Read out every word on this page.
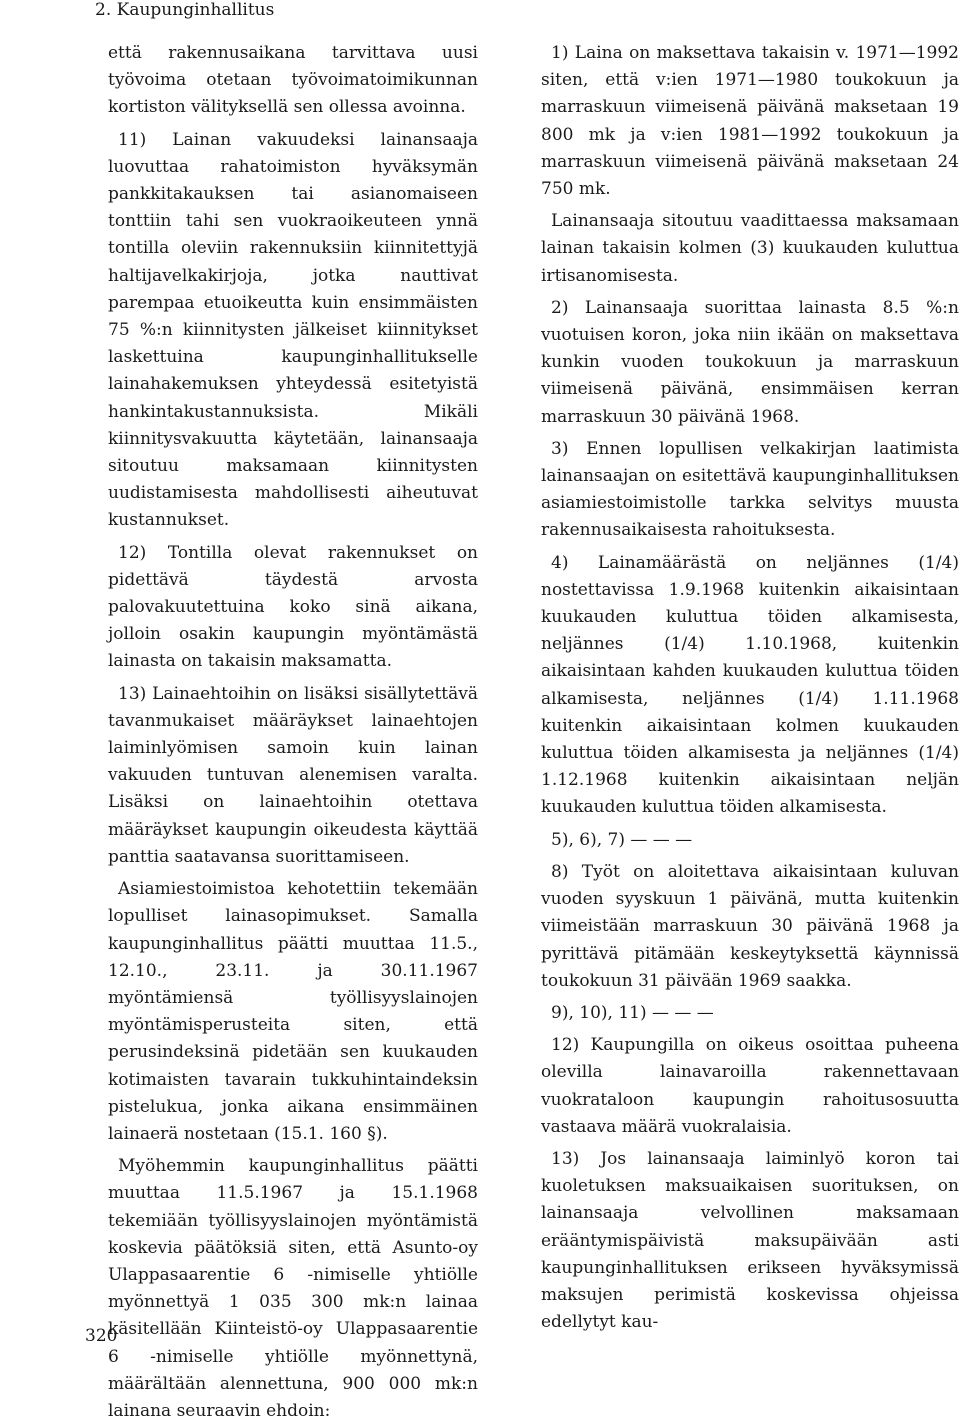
2. Kaupunginhallitus

että rakennusaikana tarvittava uusi työvoima otetaan työvoimatoimikunnan kortiston välityksellä sen ollessa avoinna.

11) Lainan vakuudeksi lainansaaja luovuttaa rahatoimiston hyväksymän pankkitakauksen tai asianomaiseen tonttiin tahi sen vuokraoikeuteen ynnä tontilla oleviin rakennuksiin kiinnitettyjä haltijavelkakirjoja, jotka nauttivat parempaa etuoikeutta kuin ensimmäisten 75 %:n kiinnitysten jälkeiset kiinnitykset laskettuina kaupunginhallitukselle lainahakemuksen yhteydessä esitetyistä hankintakustannuksista. Mikäli kiinnitysvakuutta käytetään, lainansaaja sitoutuu maksamaan kiinnitysten uudistamisesta mahdollisesti aiheutuvat kustannukset.

12) Tontilla olevat rakennukset on pidettävä täydestä arvosta palovakuutettuina koko sinä aikana, jolloin osakin kaupungin myöntämästä lainasta on takaisin maksamatta.

13) Lainaehtoihin on lisäksi sisällytettävä tavanmukaiset määräykset lainaehtojen laiminlyömisen samoin kuin lainan vakuuden tuntuvan alenemisen varalta. Lisäksi on lainaehtoihin otettava määräykset kaupungin oikeudesta käyttää panttia saatavansa suorittamiseen.

Asiamiestoimistoa kehotettiin tekemään lopulliset lainasopimukset. Samalla kaupunginhallitus päätti muuttaa 11.5., 12.10., 23.11. ja 30.11.1967 myöntämiensä työllisyyslainojen myöntämisperusteita siten, että perusindeksinä pidetään sen kuukauden kotimaisten tavarain tukkuhintaindeksin pistelukua, jonka aikana ensimmäinen lainaerä nostetaan (15.1. 160 §).

Myöhemmin kaupunginhallitus päätti muuttaa 11.5.1967 ja 15.1.1968 tekemiään työllisyyslainojen myöntämistä koskevia päätöksiä siten, että Asunto-oy Ulappasaarentie 6 -nimiselle yhtiölle myönnettyä 1 035 300 mk:n lainaa käsitellään Kiinteistö-oy Ulappasaarentie 6 -nimiselle yhtiölle myönnettynä, määrältään alennettuna, 900 000 mk:n lainana seuraavin ehdoin:

1) Laina on maksettava takaisin v. 1971—1992 siten, että v:ien 1971—1980 toukokuun ja marraskuun viimeisenä päivänä maksetaan 19 800 mk ja v:ien 1981—1992 toukokuun ja marraskuun viimeisenä päivänä maksetaan 24 750 mk.

Lainansaaja sitoutuu vaadittaessa maksamaan lainan takaisin kolmen (3) kuukauden kuluttua irtisanomisesta.

2) Lainansaaja suorittaa lainasta 8.5 %:n vuotuisen koron, joka niin ikään on maksettava kunkin vuoden toukokuun ja marraskuun viimeisenä päivänä, ensimmäisen kerran marraskuun 30 päivänä 1968.

3) Ennen lopullisen velkakirjan laatimista lainansaajan on esitettävä kaupunginhallituksen asiamiestoimistolle tarkka selvitys muusta rakennusaikaisesta rahoituksesta.

4) Lainamäärästä on neljännes (1/4) nostettavissa 1.9.1968 kuitenkin aikaisintaan kuukauden kuluttua töiden alkamisesta, neljännes (1/4) 1.10.1968, kuitenkin aikaisintaan kahden kuukauden kuluttua töiden alkamisesta, neljännes (1/4) 1.11.1968 kuitenkin aikaisintaan kolmen kuukauden kuluttua töiden alkamisesta ja neljännes (1/4) 1.12.1968 kuitenkin aikaisintaan neljän kuukauden kuluttua töiden alkamisesta.

5), 6), 7) — — —

8) Työt on aloitettava aikaisintaan kuluvan vuoden syyskuun 1 päivänä, mutta kuitenkin viimeistään marraskuun 30 päivänä 1968 ja pyrittävä pitämään keskeytyksettä käynnissä toukokuun 31 päivään 1969 saakka.

9), 10), 11) — — —

12) Kaupungilla on oikeus osoittaa puheena olevilla lainavaroilla rakennettavaan vuokrataloon kaupungin rahoitusosuutta vastaava määrä vuokralaisia.

13) Jos lainansaaja laiminlyö koron tai kuoletuksen maksuaikaisen suorituksen, on lainansaaja velvollinen maksamaan erääntymispäivistä maksupäivään asti kaupunginhallituksen erikseen hyväksymissä maksujen perimistä koskevissa ohjeissa edellytyt kau-

320
